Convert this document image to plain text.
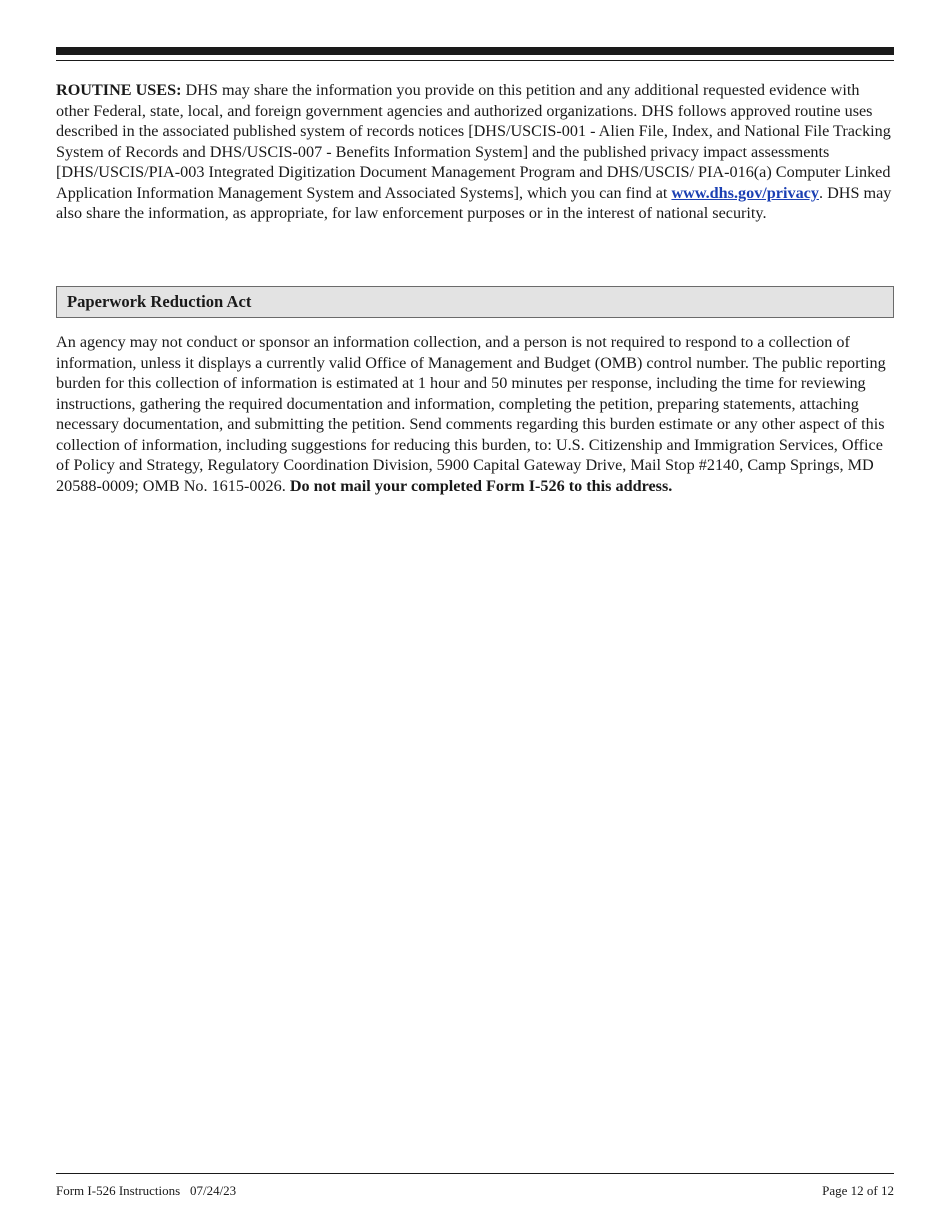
ROUTINE USES: DHS may share the information you provide on this petition and any additional requested evidence with other Federal, state, local, and foreign government agencies and authorized organizations. DHS follows approved routine uses described in the associated published system of records notices [DHS/USCIS-001 - Alien File, Index, and National File Tracking System of Records and DHS/USCIS-007 - Benefits Information System] and the published privacy impact assessments [DHS/USCIS/PIA-003 Integrated Digitization Document Management Program and DHS/USCIS/ PIA-016(a) Computer Linked Application Information Management System and Associated Systems], which you can find at www.dhs.gov/privacy. DHS may also share the information, as appropriate, for law enforcement purposes or in the interest of national security.

Paperwork Reduction Act

An agency may not conduct or sponsor an information collection, and a person is not required to respond to a collection of information, unless it displays a currently valid Office of Management and Budget (OMB) control number. The public reporting burden for this collection of information is estimated at 1 hour and 50 minutes per response, including the time for reviewing instructions, gathering the required documentation and information, completing the petition, preparing statements, attaching necessary documentation, and submitting the petition. Send comments regarding this burden estimate or any other aspect of this collection of information, including suggestions for reducing this burden, to: U.S. Citizenship and Immigration Services, Office of Policy and Strategy, Regulatory Coordination Division, 5900 Capital Gateway Drive, Mail Stop #2140, Camp Springs, MD 20588-0009; OMB No. 1615-0026. Do not mail your completed Form I-526 to this address.

Form I-526 Instructions   07/24/23	Page 12 of 12
